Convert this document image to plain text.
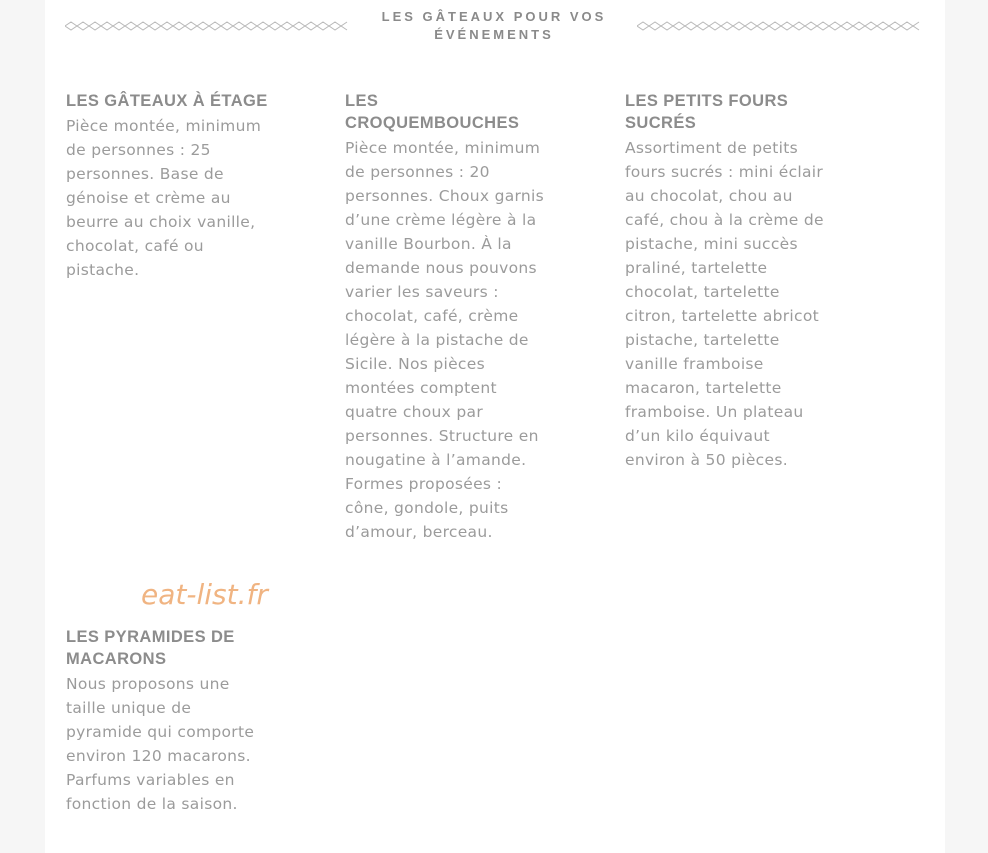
LES GÂTEAUX POUR VOS ÉVÉNEMENTS
LES GÂTEAUX À ÉTAGE

Pièce montée, minimum de personnes : 25 personnes. Base de génoise et crème au beurre au choix vanille, chocolat, café ou pistache.

LES CROQUEMBOUCHES

Pièce montée, minimum de personnes : 20 personnes. Choux garnis d’une crème légère à la vanille Bourbon. À la demande nous pouvons varier les saveurs : chocolat, café, crème légère à la pistache de Sicile. Nos pièces montées comptent quatre choux par personnes. Structure en nougatine à l’amande. Formes proposées : cône, gondole, puits d’amour, berceau.

LES PETITS FOURS SUCRÉS

Assortiment de petits fours sucrés : mini éclair au chocolat, chou au café, chou à la crème de pistache, mini succès praliné, tartelette chocolat, tartelette citron, tartelette abricot pistache, tartelette vanille framboise macaron, tartelette framboise. Un plateau d’un kilo équivaut environ à 50 pièces.

eat-list.fr
LES PYRAMIDES DE MACARONS

Nous proposons une taille unique de pyramide qui comporte environ 120 macarons. Parfums variables en fonction de la saison.
